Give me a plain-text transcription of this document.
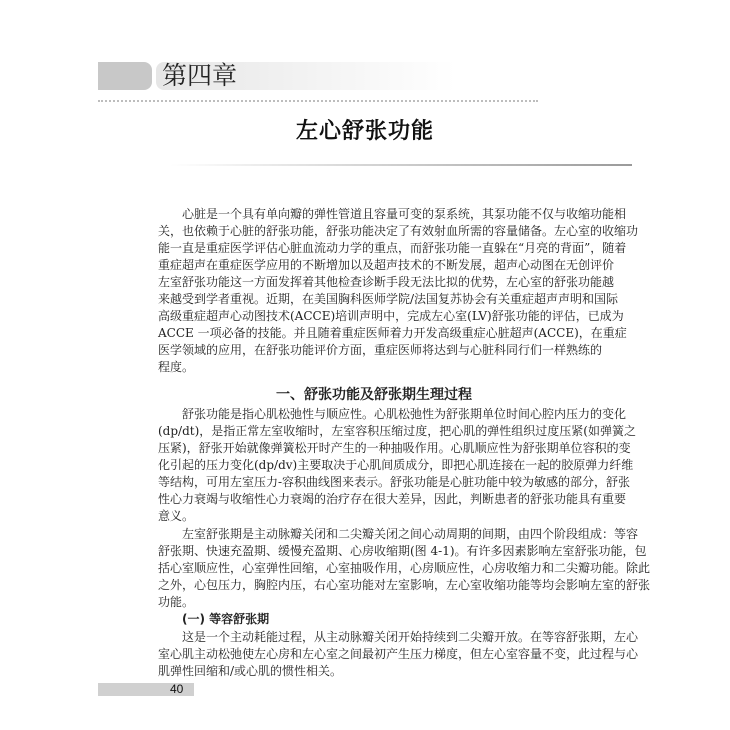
第四章
左心舒张功能
心脏是一个具有单向瓣的弹性管道且容量可变的泵系统，其泵功能不仅与收缩功能相
关，也依赖于心脏的舒张功能，舒张功能决定了有效射血所需的容量储备。左心室的收缩功
能一直是重症医学评估心脏血流动力学的重点，而舒张功能一直躲在“月亮的背面”，随着
重症超声在重症医学应用的不断增加以及超声技术的不断发展，超声心动图在无创评价
左室舒张功能这一方面发挥着其他检查诊断手段无法比拟的优势，左心室的舒张功能越
来越受到学者重视。近期，在美国胸科医师学院/法国复苏协会有关重症超声声明和国际
高级重症超声心动图技术(ACCE)培训声明中，完成左心室(LV)舒张功能的评估，已成为
ACCE 一项必备的技能。并且随着重症医师着力开发高级重症心脏超声(ACCE)，在重症
医学领域的应用，在舒张功能评价方面，重症医师将达到与心脏科同行们一样熟练的
程度。
一、舒张功能及舒张期生理过程
舒张功能是指心肌松弛性与顺应性。心肌松弛性为舒张期单位时间心腔内压力的变化
(dp/dt)，是指正常左室收缩时，左室容积压缩过度，把心肌的弹性组织过度压紧(如弹簧之
压紧)，舒张开始就像弹簧松开时产生的一种抽吸作用。心肌顺应性为舒张期单位容积的变
化引起的压力变化(dp/dv)主要取决于心肌间质成分，即把心肌连接在一起的胶原弹力纤维
等结构，可用左室压力-容积曲线图来表示。舒张功能是心脏功能中较为敏感的部分，舒张
性心力衰竭与收缩性心力衰竭的治疗存在很大差异，因此，判断患者的舒张功能具有重要
意义。
左室舒张期是主动脉瓣关闭和二尖瓣关闭之间心动周期的间期，由四个阶段组成：等容
舒张期、快速充盈期、缓慢充盈期、心房收缩期(图 4-1)。有许多因素影响左室舒张功能，包
括心室顺应性，心室弹性回缩，心室抽吸作用，心房顺应性，心房收缩力和二尖瓣功能。除此
之外，心包压力，胸腔内压，右心室功能对左室影响，左心室收缩功能等均会影响左室的舒张
功能。
(一) 等容舒张期
这是一个主动耗能过程，从主动脉瓣关闭开始持续到二尖瓣开放。在等容舒张期，左心
室心肌主动松弛使左心房和左心室之间最初产生压力梯度，但左心室容量不变，此过程与心
肌弹性回缩和/或心肌的惯性相关。
40
